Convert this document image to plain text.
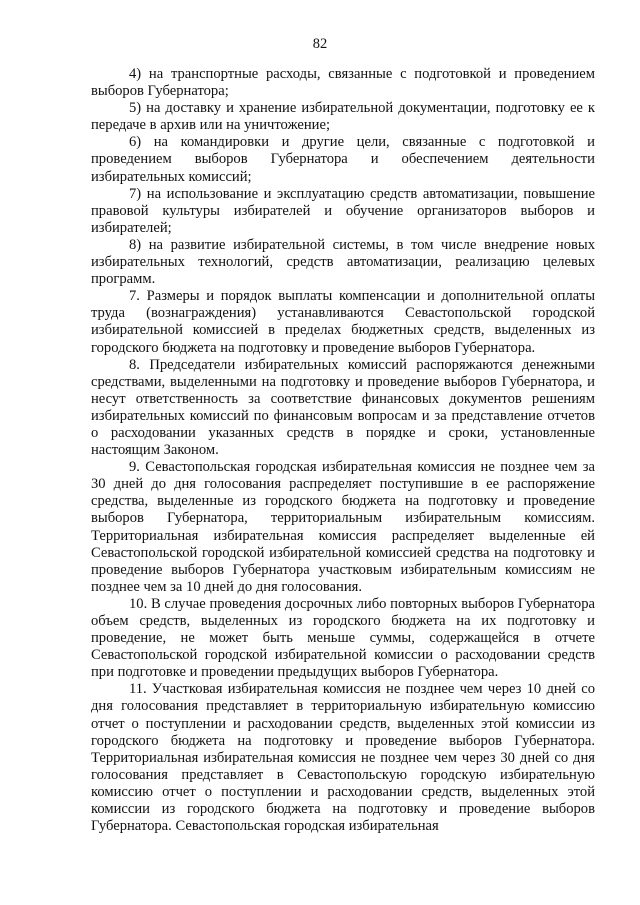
82

4) на транспортные расходы, связанные с подготовкой и проведением выборов Губернатора;

5) на доставку и хранение избирательной документации, подготовку ее к передаче в архив или на уничтожение;

6) на командировки и другие цели, связанные с подготовкой и проведением выборов Губернатора и обеспечением деятельности избирательных комиссий;

7) на использование и эксплуатацию средств автоматизации, повышение правовой культуры избирателей и обучение организаторов выборов и избирателей;

8) на развитие избирательной системы, в том числе внедрение новых избирательных технологий, средств автоматизации, реализацию целевых программ.

7. Размеры и порядок выплаты компенсации и дополнительной оплаты труда (вознаграждения) устанавливаются Севастопольской городской избирательной комиссией в пределах бюджетных средств, выделенных из городского бюджета на подготовку и проведение выборов Губернатора.

8. Председатели избирательных комиссий распоряжаются денежными средствами, выделенными на подготовку и проведение выборов Губернатора, и несут ответственность за соответствие финансовых документов решениям избирательных комиссий по финансовым вопросам и за представление отчетов о расходовании указанных средств в порядке и сроки, установленные настоящим Законом.

9. Севастопольская городская избирательная комиссия не позднее чем за 30 дней до дня голосования распределяет поступившие в ее распоряжение средства, выделенные из городского бюджета на подготовку и проведение выборов Губернатора, территориальным избирательным комиссиям. Территориальная избирательная комиссия распределяет выделенные ей Севастопольской городской избирательной комиссией средства на подготовку и проведение выборов Губернатора участковым избирательным комиссиям не позднее чем за 10 дней до дня голосования.

10. В случае проведения досрочных либо повторных выборов Губернатора объем средств, выделенных из городского бюджета на их подготовку и проведение, не может быть меньше суммы, содержащейся в отчете Севастопольской городской избирательной комиссии о расходовании средств при подготовке и проведении предыдущих выборов Губернатора.

11. Участковая избирательная комиссия не позднее чем через 10 дней со дня голосования представляет в территориальную избирательную комиссию отчет о поступлении и расходовании средств, выделенных этой комиссии из городского бюджета на подготовку и проведение выборов Губернатора. Территориальная избирательная комиссия не позднее чем через 30 дней со дня голосования представляет в Севастопольскую городскую избирательную комиссию отчет о поступлении и расходовании средств, выделенных этой комиссии из городского бюджета на подготовку и проведение выборов Губернатора. Севастопольская городская избирательная
